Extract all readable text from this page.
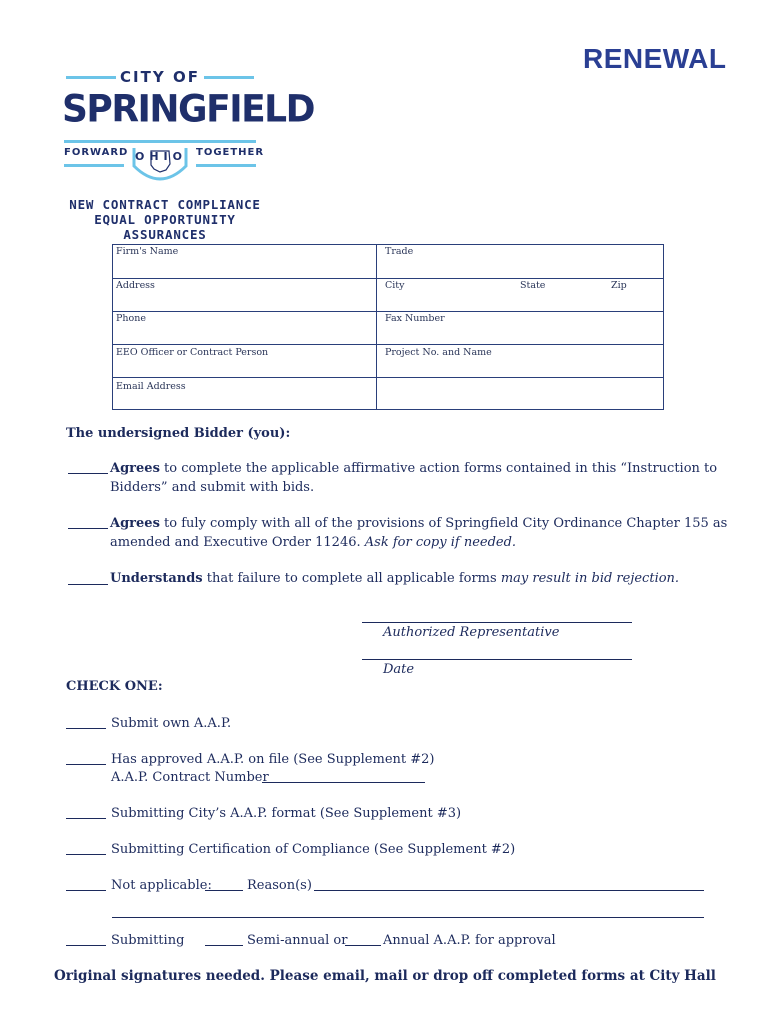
RENEWAL
CITY OF
SPRINGFIELD
FORWARD	TOGETHER
OHIO
NEW CONTRACT COMPLIANCE
EQUAL OPPORTUNITY ASSURANCES
Firm's Name	Trade
Address	City	State	Zip
Phone	Fax Number
EEO Officer or Contract Person	Project No. and Name
Email Address
The undersigned Bidder (you):
Agrees to complete the applicable affirmative action forms contained in this “Instruction to
Bidders” and submit with bids.
Agrees to fuly comply with all of the provisions of Springfield City Ordinance Chapter 155 as
amended and Executive Order 11246. Ask for copy if needed.
Understands that failure to complete all applicable forms may result in bid rejection.
Authorized Representative
Date
CHECK ONE:
Submit own A.A.P.
Has approved A.A.P. on file (See Supplement #2)
A.A.P. Contract Number
Submitting City’s A.A.P. format (See Supplement #3)
Submitting Certification of Compliance (See Supplement #2)
Not applicable:	Reason(s)
Submitting	Semi-annual or	Annual A.A.P. for approval
Original signatures needed. Please email, mail or drop off completed forms at City Hall
